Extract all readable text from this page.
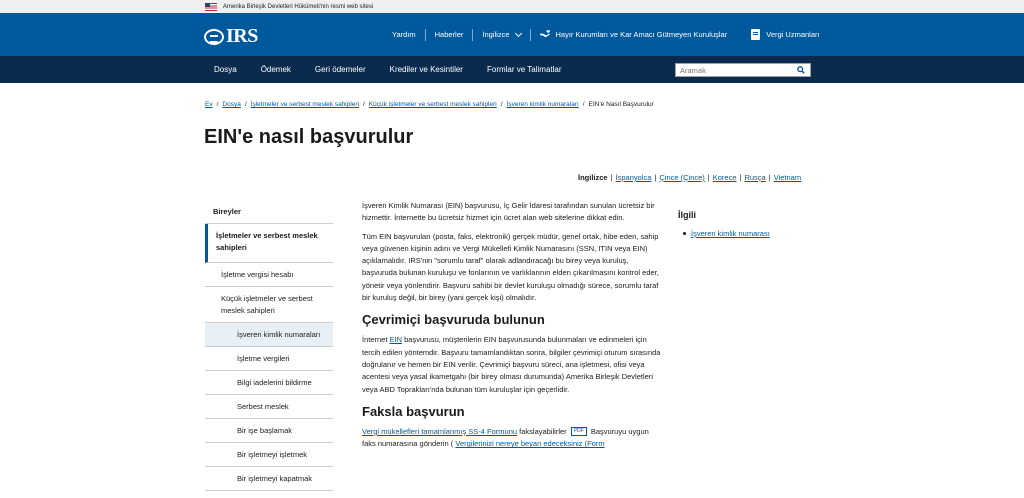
Amerika Birleşik Devletleri Hükümeti'nin resmi web sitesi
IRS	Yardım	Haberler	İngilizce	Hayır Kurumları ve Kar Amacı Gütmeyen Kuruluşlar	Vergi Uzmanları
Dosya	Ödemek	Geri ödemeler	Krediler ve Kesintiler	Formlar ve Talimatlar
Aramak
Ev / Dosya / İşletmeler ve serbest meslek sahipleri / Küçük işletmeler ve serbest meslek sahipleri / İşveren kimlik numaraları / EIN'e Nasıl Başvurulur
EIN'e nasıl başvurulur
İngilizce | İspanyolca | Çince (Çince) | Korece | Rusça | Vietnam
Bireyler
İşletmeler ve serbest meslek sahipleri
İşletme vergisi hesabı
Küçük işletmeler ve serbest meslek sahipleri
İşveren kimlik numaraları
İşletme vergileri
Bilgi iadelerini bildirme
Serbest meslek
Bir işe başlamak
Bir işletmeyi işletmek
Bir işletmeyi kapatmak

İşveren Kimlik Numarası (EIN) başvurusu, İç Gelir İdaresi tarafından sunulan ücretsiz bir hizmettir. İnternette bu ücretsiz hizmet için ücret alan web sitelerine dikkat edin.

Tüm EIN başvuruları (posta, faks, elektronik) gerçek müdür, genel ortak, hibe eden, sahip veya güvenen kişinin adını ve Vergi Mükellefi Kimlik Numarasını (SSN, ITIN veya EIN) açıklamalıdır. IRS'nin "sorumlu taraf" olarak adlandıracağı bu birey veya kuruluş, başvuruda bulunan kuruluşu ve fonlarının ve varlıklarının elden çıkarılmasını kontrol eder, yönetir veya yönlendirir. Başvuru sahibi bir devlet kuruluşu olmadığı sürece, sorumlu taraf bir kuruluş değil, bir birey (yani gerçek kişi) olmalıdır.

Çevrimiçi başvuruda bulunun

İnternet EIN başvurusu, müşterilerin EIN başvurusunda bulunmaları ve edinmeleri için tercih edilen yöntemdir. Başvuru tamamlandıktan sonra, bilgiler çevrimiçi oturum sırasında doğrulanır ve hemen bir EIN verilir. Çevrimiçi başvuru süreci, ana işletmesi, ofisi veya acentesi veya yasal ikametgahı (bir birey olması durumunda) Amerika Birleşik Devletleri veya ABD Toprakları'nda bulunan tüm kuruluşlar için geçerlidir.

Faksla başvurun

Vergi mükellefleri tamamlanmış SS-4 Formunu fakslayabilirler PDF Başvuruyu uygun faks numarasına gönderin ( Vergilerinizi nereye beyan edeceksiniz (Form

İlgili
İşveren kimlik numarası
